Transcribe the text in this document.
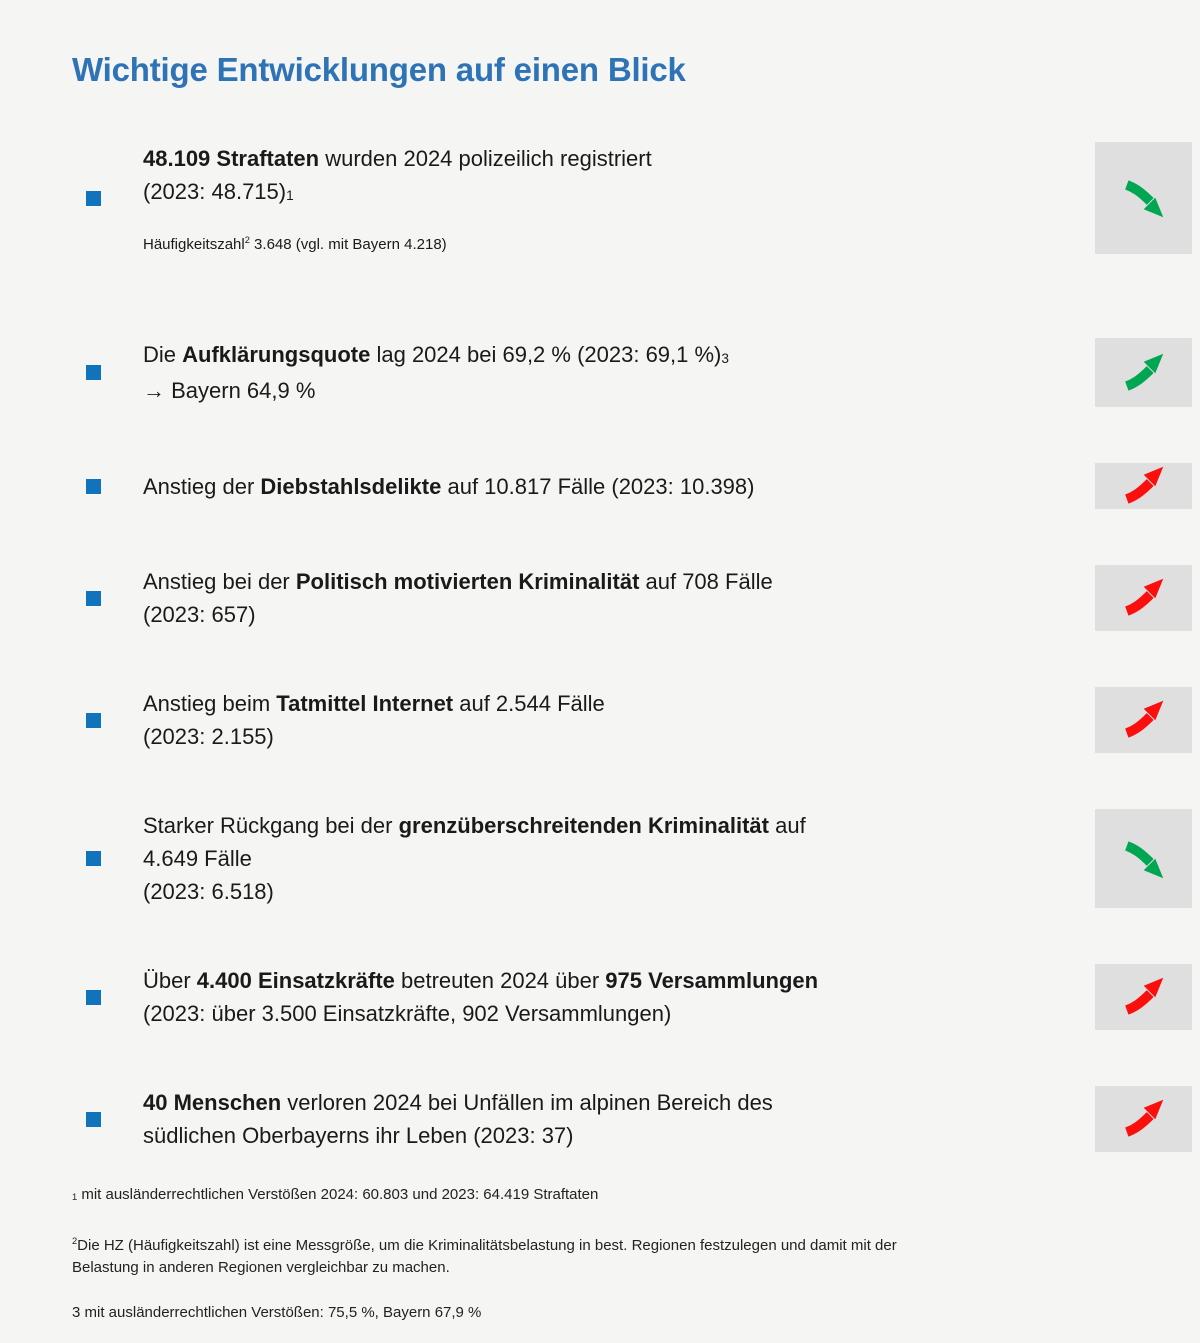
Wichtige Entwicklungen auf einen Blick

48.109 Straftaten wurden 2024 polizeilich registriert
(2023: 48.715)1

Häufigkeitszahl$^2$ 3.648 (vgl. mit Bayern 4.218)

Die Aufklärungsquote lag 2024 bei 69,2 % (2023: 69,1 %)3
→ Bayern 64,9 %

Anstieg der Diebstahlsdelikte auf 10.817 Fälle (2023: 10.398)

Anstieg bei der Politisch motivierten Kriminalität auf 708 Fälle
(2023: 657)

Anstieg beim Tatmittel Internet auf 2.544 Fälle
(2023: 2.155)

Starker Rückgang bei der grenzüberschreitenden Kriminalität auf
4.649 Fälle
(2023: 6.518)

Über 4.400 Einsatzkräfte betreuten 2024 über 975 Versammlungen
(2023: über 3.500 Einsatzkräfte, 902 Versammlungen)

40 Menschen verloren 2024 bei Unfällen im alpinen Bereich des
südlichen Oberbayerns ihr Leben (2023: 37)

1 mit ausländerrechtlichen Verstößen 2024: 60.803 und 2023: 64.419 Straftaten

$^2$Die HZ (Häufigkeitszahl) ist eine Messgröße, um die Kriminalitätsbelastung in best. Regionen festzulegen und damit mit der
Belastung in anderen Regionen vergleichbar zu machen.

3 mit ausländerrechtlichen Verstößen: 75,5 %, Bayern 67,9 %
